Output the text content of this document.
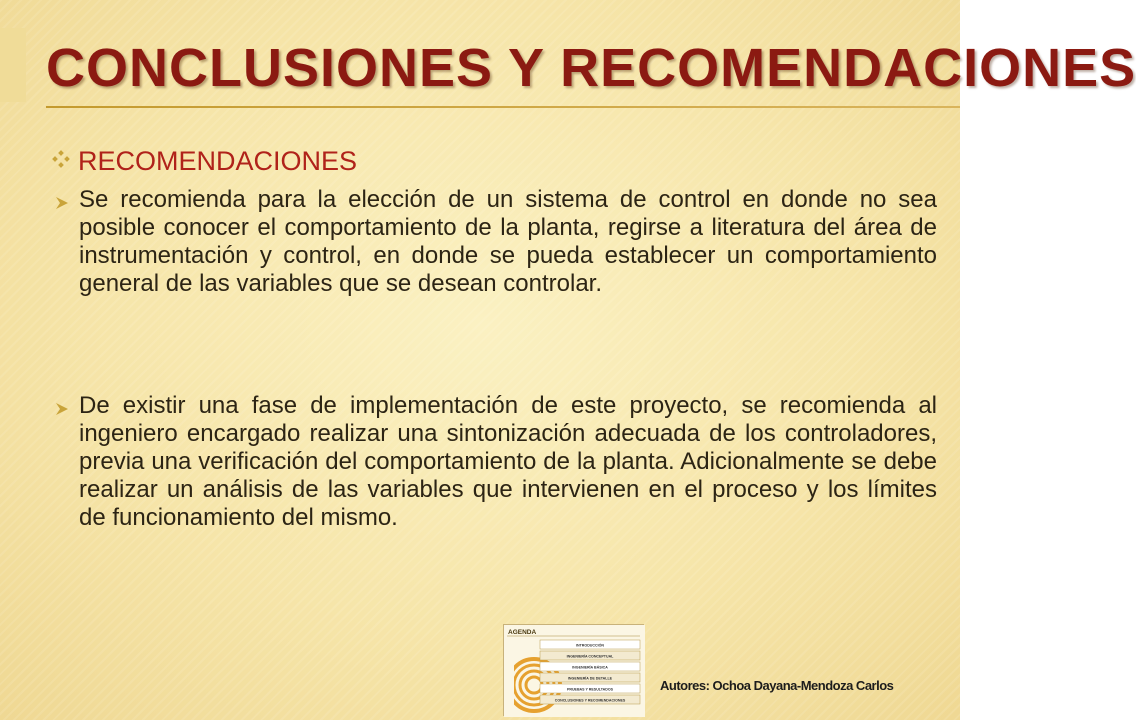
CONCLUSIONES Y RECOMENDACIONES
RECOMENDACIONES

Se recomienda para la elección de un sistema de control en donde no sea posible conocer el comportamiento de la planta, regirse a literatura del área de instrumentación y control, en donde se pueda establecer un comportamiento general de las variables que se desean controlar.

De existir una fase de implementación de este proyecto, se recomienda al ingeniero encargado realizar una sintonización adecuada de los controladores, previa una verificación del comportamiento de la planta. Adicionalmente se debe realizar un análisis de las variables que intervienen en el proceso y los límites de funcionamiento del mismo.

AGENDA
INTRODUCCIÓN
INGENIERÍA CONCEPTUAL
INGENIERÍA BÁSICA
INGENIERÍA DE DETALLE
PRUEBAS Y RESULTADOS
CONCLUSIONES Y RECOMENDACIONES
Autores: Ochoa Dayana-Mendoza Carlos
